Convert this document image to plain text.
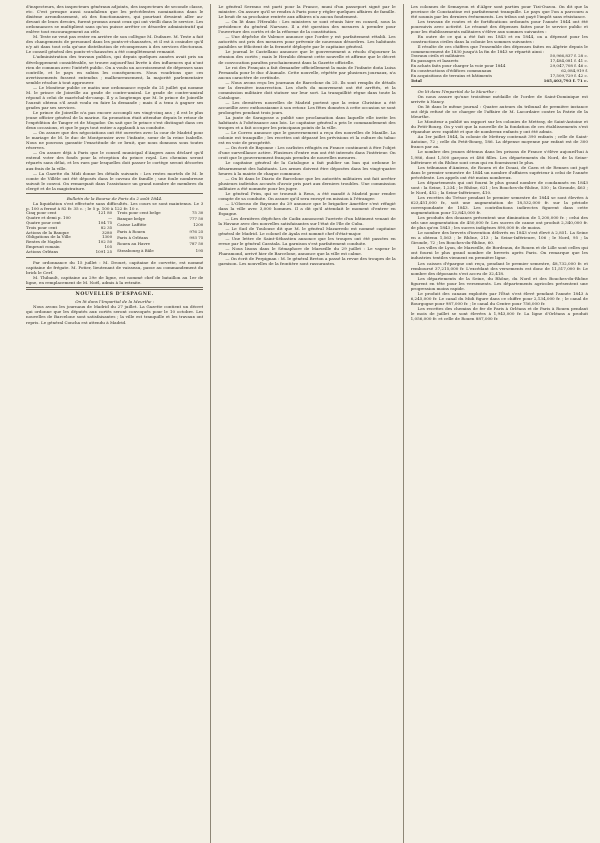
d'inspecteurs, des inspecteurs généraux adjoints, des inspecteurs de seconde classe, etc. C'est presque aussi scandaleux que les précédentes nominations dans le dixième arrondissement, où des fonctionnaires, qui pourtant devaient aller au-devant de leurs devoirs, furent promus avant ceux qui ont vieilli dans le service. Les ordonnances se multiplient sans qu'on puisse arrêter ce désordre administratif qui enlève tout encouragement au zèle.

M. Teste ne veut pas rester en arrière de son collègue M. Dufaure. M. Teste a fait des changements de personnel dans les ponts-et-chaussées, et il est à craindre qu'il n'y ait dans tout cela qu'une distribution de récompenses à des services électoraux. Le conseil général des ponts-et-chaussées a été complètement remanié.

L'administration des travaux publics, qui depuis quelques années avait pris un développement considérable, se trouve aujourd'hui livrée à des influences qui n'ont rien de commun avec l'intérêt public. On a voulu un accroissement de dépenses sans contrôle, et le pays en subira les conséquences. Nous voudrions que ces avertissements fussent entendus ; malheureusement, la majorité parlementaire semble résolue à tout approuver.

— Le Moniteur publie ce matin une ordonnance royale du 21 juillet qui nomme M. le prince de Joinville au grade de contre-amiral. Le grade de contre-amiral répond à celui de maréchal-de-camp. Il y a longtemps que M. le prince de Joinville l'aurait obtenu s'il avait voulu en faire la demande ; mais il a tenu à gagner ses grades par ses services.

Le prince de Joinville n'a pas encore accompli ses vingt-cinq ans ; il est le plus jeune officier général de la marine. Sa promotion était attendue depuis le retour de l'expédition de Tanger et de Mogador. On sait que le prince s'est distingué dans ces deux occasions, et que le pays tout entier a applaudi à sa conduite.

— On assure que des négociations ont été ouvertes avec la cour de Madrid pour le mariage de M. le duc de Montpensier avec l'infante, sœur de la reine Isabelle. Nous ne pouvons garantir l'exactitude de ce bruit, que nous donnons sous toutes réserves.

— On assure déjà à Paris que le conseil municipal d'Angers aura déclaré qu'il entend voter des fonds pour la réception du prince royal. Les chemins seront réparés sans délai, et les rues par lesquelles doit passer le cortège seront décorées aux frais de la ville.

— La Gazette du Midi donne les détails suivants : Les restes mortels de M. le comte de Villèle ont été déposés dans le caveau de famille ; une foule nombreuse suivait le convoi. On remarquait dans l'assistance un grand nombre de membres du clergé et de la magistrature.

Bulletin de la Bourse de Paris du 2 août 1844.

La liquidation s'est effectuée sans difficultés. Les cours se sont maintenus. Le 3 p. 100 a fermé à 82 fr. 35 c. ; le 5 p. 100 à 122 fr. 10 c.

Cinq pour cent	121 80
Quatre et demi p. 100	—
Quatre pour cent	104 75
Trois pour cent	82 35
Actions de la Banque	3280
Obligations de la Ville	1300
Rentes de Naples	102 50
Emprunt romain	105
Actions Orléans	1091 25
Trois pour cent belge	75 30
Banque belge	777 50
Caisse Laffitte	1200
Paris à Rouen	976 25
Paris à Orléans	993 75
Rouen au Havre	787 50
Strasbourg à Bâle	195

Par ordonnance du 15 juillet : M. Drouet, capitaine de corvette, est nommé capitaine de frégate. M. Potier, lieutenant de vaisseau, passe au commandement du brick le Cerf.

M. Thibault, capitaine au 29e de ligne, est nommé chef de bataillon au 1er de ligne, en remplacement de M. Noël, admis à la retraite.

NOUVELLES D'ESPAGNE.

On lit dans l'Impartial de la Meurthe :

Nous avons les journaux de Madrid du 27 juillet. La Gazette contient un décret qui ordonne que les députés aux cortès seront convoqués pour le 10 octobre. Les nouvelles de Barcelone sont satisfaisantes ; la ville est tranquille et les travaux ont repris. Le général Concha est attendu à Madrid.

Le général Serrano est parti pour la France, muni d'un passeport signé par le ministre. On assure qu'il se rendra à Paris pour y régler quelques affaires de famille. Le bruit de sa prochaine rentrée aux affaires n'a aucun fondement.

— On lit dans l'Heraldo : Les ministres se sont réunis hier en conseil, sous la présidence du général Narvaez. Il a été question des mesures à prendre pour l'ouverture des cortès et de la réforme de la constitution.

— Une dépêche de Valence annonce que l'ordre y est parfaitement rétabli. Les autorités ont pris des mesures pour prévenir de nouveaux désordres. Les habitants paisibles se félicitent de la fermeté déployée par le capitaine général.

Le journal le Castellano annonce que le gouvernement a résolu d'ajourner la réunion des cortès ; mais le Heraldo dément cette nouvelle et affirme que le décret de convocation paraîtra prochainement dans la Gazette officielle.

Le roi des Français a fait demander officiellement la main de l'infante doña Luisa Fernanda pour le duc d'Aumale. Cette nouvelle, répétée par plusieurs journaux, n'a aucun caractère de certitude.

— Nous avons reçu les journaux de Barcelone du 25. Ils sont remplis de détails sur la dernière insurrection. Les chefs du mouvement ont été arrêtés, et la commission militaire doit statuer sur leur sort. La tranquillité règne dans toute la Catalogne.

— Les dernières nouvelles de Madrid portent que la reine Christine a été accueillie avec enthousiasme à son retour. Les fêtes données à cette occasion se sont prolongées pendant trois jours.

La junte de Saragosse a publié une proclamation dans laquelle elle invite les habitants à l'obéissance aux lois. Le capitaine général a pris le commandement des troupes et a fait occuper les principaux points de la ville.

— Le Correo annonce que le gouvernement a reçu des nouvelles de Manille. La colonie est tranquille ; les recettes ont dépassé les prévisions et la culture du tabac est en voie de prospérité.

— On écrit de Bayonne : Les carlistes réfugiés en France continuent à être l'objet d'une surveillance active. Plusieurs d'entre eux ont été internés dans l'intérieur. On croit que le gouvernement français prendra de nouvelles mesures.

Le capitaine général de la Catalogne a fait publier un ban qui ordonne le désarmement des habitants. Les armes doivent être déposées dans les vingt-quatre heures à la mairie de chaque commune.

— On lit dans le Diario de Barcelone que les autorités militaires ont fait arrêter plusieurs individus accusés d'avoir pris part aux derniers troubles. Une commission militaire a été nommée pour les juger.

Le général Prim, qui se trouvait à Reus, a été mandé à Madrid pour rendre compte de sa conduite. On assure qu'il sera envoyé en mission à l'étranger.

— L'Oloroso de Bayonne du 29 annonce que le brigadier Amettler s'est réfugié dans la ville avec 3,000 hommes. Il a dit qu'il attendait le moment d'entrer en Espagne.

— Les dernières dépêches de Cadix annoncent l'arrivée d'un bâtiment venant de la Havane avec des nouvelles satisfaisantes sur l'état de l'île de Cuba.

— Le Sud de Toulouse dit que M. le général Mazarredo est nommé capitaine général de Madrid. Le colonel de Ayala est nommé chef d'état-major.

— Une lettre de Saint-Sébastien annonce que les troupes ont été passées en revue par le général Caratala. La garnison s'est parfaitement conduite.

— Nous lisons dans le Sémaphore de Marseille du 29 juillet : Le vapeur le Pharamond, arrivé hier de Barcelone, annonce que la ville est calme.

— On écrit de Perpignan : M. le général Breton a passé la revue des troupes de la garnison. Les nouvelles de la frontière sont rassurantes.

Les colonnes de Semayron et d'Alger sont parties pour Tizi-Ouzou. On dit que la province de Constantine est parfaitement tranquille. Le pays que l'on a parcouru a été soumis par les derniers événements. Les tribus ont payé l'impôt sans résistance.

Les travaux de routes et de fortifications ordonnés pour l'année 1844 ont été poursuivis avec activité. Le résumé des dépenses faites pour le service public et pour les établissements militaires s'élève aux sommes suivantes :

En outre de ce qui a été fait en 1843 et en 1844, on a dépensé pour les constructions civiles dans la colonie les sommes suivantes :

Il résulte de ces chiffres que l'ensemble des dépenses faites en Algérie depuis le commencement de 1830 jusqu'à la fin de 1843 se répartit ainsi :

Travaux civils et militaires	50,966,837 f. 28 c.
En passages et lazarets	17,484,081 f. 41 c.
En achats faits pour charger la voie pour 1844	29,047,708 f. 46 c.
En constructions d'édifices communaux	62,084,919 f.
En acquisitions de terrains et bâtiments	17,509,729 f. 42 c.
Total	165,403,793 f. 71 c.

On lit dans l'Impartial de la Meurthe :

On nous assure qu'une troisième médaille de l'ordre de Saint-Dominique est arrivée à Nancy.

On lit dans le même journal : Quatre auteurs du tribunal de première instance ont déjà refusé de se charger de l'affaire de M. Lacordaire contre la Patrie de la Meurthe.

Le Moniteur a publié un rapport sur les colonies de Mettray, de Saint-Antoine et du Petit-Bourg. On y voit que la nouvelle de la fondation de ces établissements s'est répandue avec rapidité et que de nombreux enfants y ont été admis.

Au 1er juillet 1844, la colonie de Mettray contenait 390 enfants ; celle de Saint-Antoine, 72 ; celle du Petit-Bourg, 186. La dépense moyenne par enfant est de 300 francs par an.

Le nombre des jeunes détenus dans les prisons de France s'élève aujourd'hui à 1,986, dont 1,500 garçons et 486 filles. Les départements du Nord, de la Seine-Inférieure et du Rhône sont ceux qui en fournissent le plus.

Les tribunaux d'Amiens, de Rouen et de Douai, de Caen et de Rennes ont jugé dans le premier semestre de 1844 un nombre d'affaires supérieur à celui de l'année précédente. Les appels ont été moins nombreux.

Les départements qui ont fourni le plus grand nombre de condamnés en 1843 sont : la Seine, 1,234 ; le Rhône, 621 ; les Bouches-du-Rhône, 530 ; la Gironde, 463 ; le Nord, 452 ; la Seine-Inférieure, 410.

Les recettes du Trésor pendant le premier semestre de 1844 se sont élevées à 623,451,000 fr., soit une augmentation de 18,532,000 fr. sur la période correspondante de 1843. Les contributions indirectes figurent dans cette augmentation pour 12,843,000 fr.

Les produits des douanes présentent une diminution de 1,200,000 fr. ; celui des sels une augmentation de 450,000 fr. Les sucres de canne ont produit 2,340,000 fr. de plus qu'en 1843 ; les sucres indigènes 890,000 fr. de moins.

Le nombre des brevets d'invention délivrés en 1843 s'est élevé à 2,851. La Seine en a obtenu 1,563 ; le Rhône, 213 ; la Seine-Inférieure, 106 ; le Nord, 95 ; la Gironde, 72 ; les Bouches-du-Rhône, 60.

Les villes de Lyon, de Marseille, de Bordeaux, de Rouen et de Lille sont celles qui ont fourni le plus grand nombre de brevets après Paris. On remarque que les industries textiles viennent en première ligne.

Les caisses d'épargne ont reçu, pendant le premier semestre, 48,732,000 fr. et remboursé 37,215,000 fr. L'excédant des versements est donc de 11,517,000 fr. Le nombre des déposants s'est accru de 32,418.

Les départements de la Seine, du Rhône, du Nord et des Bouches-du-Rhône figurent en tête pour les versements. Les départements agricoles présentent une progression moins rapide.

Le produit des canaux exploités par l'État s'est élevé pendant l'année 1843 à 6,245,000 fr. Le canal du Midi figure dans ce chiffre pour 2,134,000 fr. ; le canal de Bourgogne pour 987,000 fr. ; le canal du Centre pour 756,000 fr.

Les recettes des chemins de fer de Paris à Orléans et de Paris à Rouen pendant le mois de juillet se sont élevées à 1,943,000 fr. La ligne d'Orléans a produit 1,056,000 fr. et celle de Rouen 887,000 fr.
